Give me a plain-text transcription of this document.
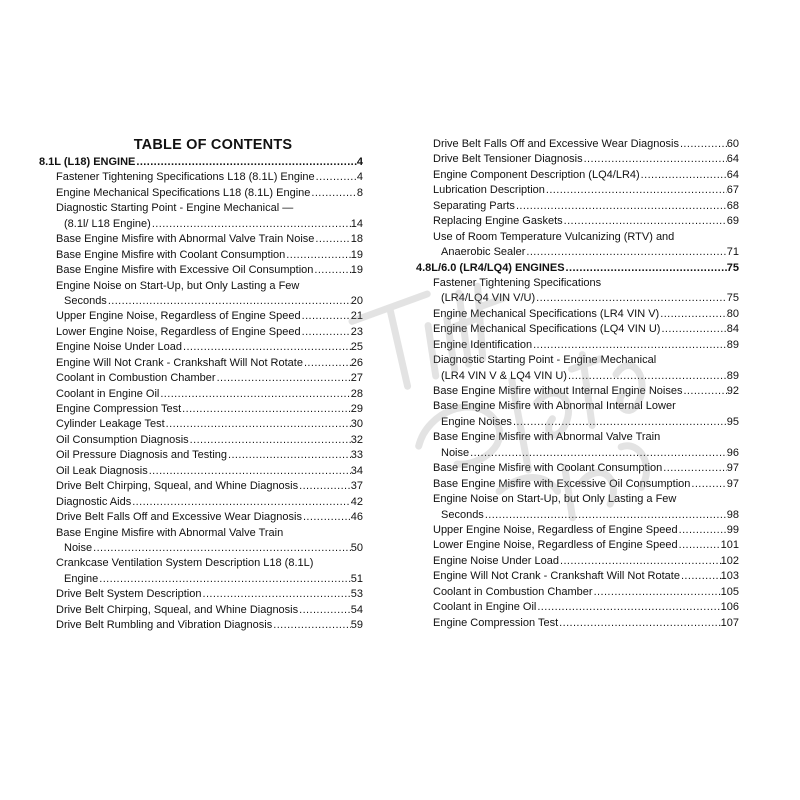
TABLE OF CONTENTS
8.1L (L18) ENGINE .....	4
Fastener Tightening Specifications L18 (8.1L) Engine .....	4
Engine Mechanical Specifications L18 (8.1L) Engine .....	8
Diagnostic Starting Point - Engine Mechanical —
(8.1l/ L18 Engine) .....	14
Base Engine Misfire with Abnormal Valve Train Noise .....	18
Base Engine Misfire with Coolant Consumption .....	19
Base Engine Misfire with Excessive Oil Consumption .....	19
Engine Noise on Start-Up, but Only Lasting a Few
Seconds .....	20
Upper Engine Noise, Regardless of Engine Speed .....	21
Lower Engine Noise, Regardless of Engine Speed .....	23
Engine Noise Under Load .....	25
Engine Will Not Crank - Crankshaft Will Not Rotate .....	26
Coolant in Combustion Chamber .....	27
Coolant in Engine Oil .....	28
Engine Compression Test .....	29
Cylinder Leakage Test .....	30
Oil Consumption Diagnosis .....	32
Oil Pressure Diagnosis and Testing .....	33
Oil Leak Diagnosis .....	34
Drive Belt Chirping, Squeal, and Whine Diagnosis .....	37
Diagnostic Aids .....	42
Drive Belt Falls Off and Excessive Wear Diagnosis .....	46
Base Engine Misfire with Abnormal Valve Train
Noise .....	50
Crankcase Ventilation System Description L18 (8.1L)
Engine .....	51
Drive Belt System Description .....	53
Drive Belt Chirping, Squeal, and Whine Diagnosis .....	54
Drive Belt Rumbling and Vibration Diagnosis .....	59
Drive Belt Falls Off and Excessive Wear Diagnosis .....	60
Drive Belt Tensioner Diagnosis .....	64
Engine Component Description (LQ4/LR4) .....	64
Lubrication Description .....	67
Separating Parts .....	68
Replacing Engine Gaskets .....	69
Use of Room Temperature Vulcanizing (RTV) and
Anaerobic Sealer .....	71
4.8L/6.0 (LR4/LQ4) ENGINES .....	75
Fastener Tightening Specifications
(LR4/LQ4 VIN V/U) .....	75
Engine Mechanical Specifications (LR4 VIN V) .....	80
Engine Mechanical Specifications (LQ4 VIN U) .....	84
Engine Identification .....	89
Diagnostic Starting Point - Engine Mechanical
(LR4 VIN V & LQ4 VIN U) .....	89
Base Engine Misfire without Internal Engine Noises .....	92
Base Engine Misfire with Abnormal Internal Lower
Engine Noises .....	95
Base Engine Misfire with Abnormal Valve Train
Noise .....	96
Base Engine Misfire with Coolant Consumption .....	97
Base Engine Misfire with Excessive Oil Consumption .....	97
Engine Noise on Start-Up, but Only Lasting a Few
Seconds .....	98
Upper Engine Noise, Regardless of Engine Speed .....	99
Lower Engine Noise, Regardless of Engine Speed .....	101
Engine Noise Under Load .....	102
Engine Will Not Crank - Crankshaft Will Not Rotate .....	103
Coolant in Combustion Chamber .....	105
Coolant in Engine Oil .....	106
Engine Compression Test .....	107
